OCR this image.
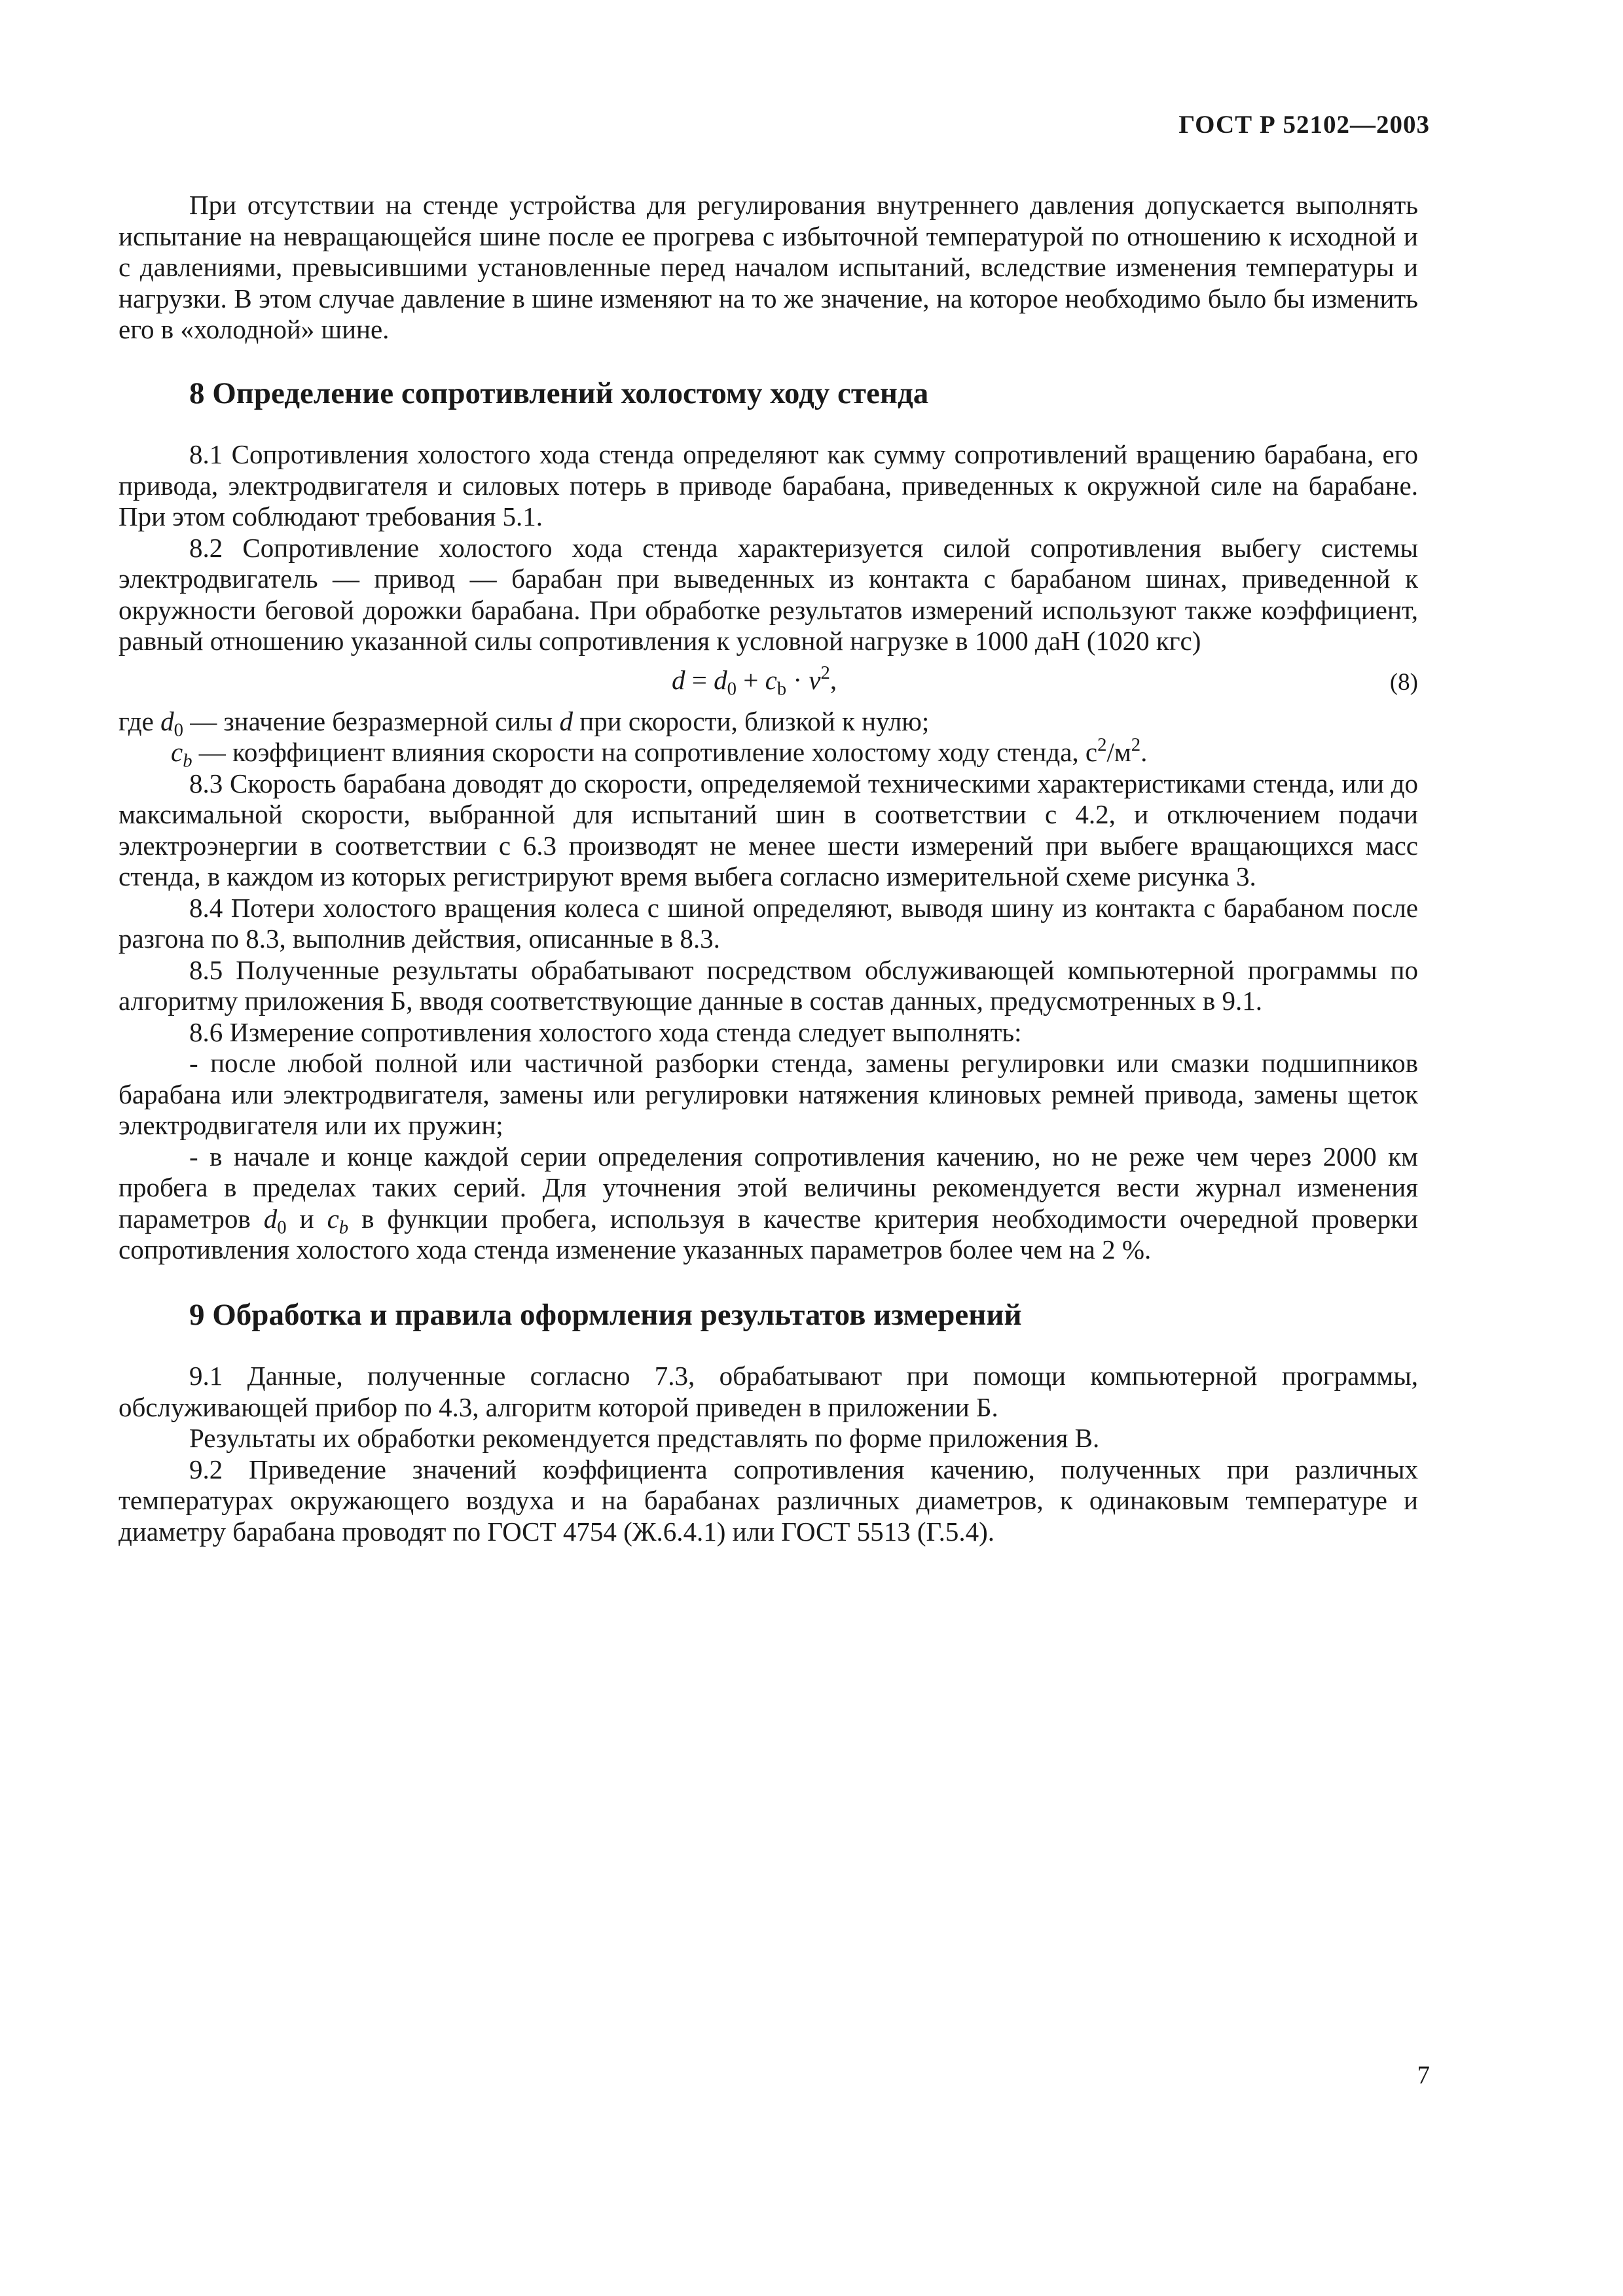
ГОСТ Р 52102—2003

При отсутствии на стенде устройства для регулирования внутреннего давления допускается выполнять испытание на невращающейся шине после ее прогрева с избыточной температурой по отношению к исходной и с давлениями, превысившими установленные перед началом испытаний, вследствие изменения температуры и нагрузки. В этом случае давление в шине изменяют на то же значение, на которое необходимо было бы изменить его в «холодной» шине.

8 Определение сопротивлений холостому ходу стенда

8.1 Сопротивления холостого хода стенда определяют как сумму сопротивлений вращению барабана, его привода, электродвигателя и силовых потерь в приводе барабана, приведенных к окружной силе на барабане. При этом соблюдают требования 5.1.

8.2 Сопротивление холостого хода стенда характеризуется силой сопротивления выбегу системы электродвигатель — привод — барабан при выведенных из контакта с барабаном шинах, приведенной к окружности беговой дорожки барабана. При обработке результатов измерений используют также коэффициент, равный отношению указанной силы сопротивления к условной нагрузке в 1000 даН (1020 кгс)

$d = d_0 + c_b \cdot v^2$,	(8)

где $d_0$ — значение безразмерной силы d при скорости, близкой к нулю;

$c_b$ — коэффициент влияния скорости на сопротивление холостому ходу стенда, $с^2/м^2$.

8.3 Скорость барабана доводят до скорости, определяемой техническими характеристиками стенда, или до максимальной скорости, выбранной для испытаний шин в соответствии с 4.2, и отключением подачи электроэнергии в соответствии с 6.3 производят не менее шести измерений при выбеге вращающихся масс стенда, в каждом из которых регистрируют время выбега согласно измерительной схеме рисунка 3.

8.4 Потери холостого вращения колеса с шиной определяют, выводя шину из контакта с барабаном после разгона по 8.3, выполнив действия, описанные в 8.3.

8.5 Полученные результаты обрабатывают посредством обслуживающей компьютерной программы по алгоритму приложения Б, вводя соответствующие данные в состав данных, предусмотренных в 9.1.

8.6 Измерение сопротивления холостого хода стенда следует выполнять:

- после любой полной или частичной разборки стенда, замены регулировки или смазки подшипников барабана или электродвигателя, замены или регулировки натяжения клиновых ремней привода, замены щеток электродвигателя или их пружин;

- в начале и конце каждой серии определения сопротивления качению, но не реже чем через 2000 км пробега в пределах таких серий. Для уточнения этой величины рекомендуется вести журнал изменения параметров $d_0$ и $c_b$ в функции пробега, используя в качестве критерия необходимости очередной проверки сопротивления холостого хода стенда изменение указанных параметров более чем на 2 %.

9 Обработка и правила оформления результатов измерений

9.1 Данные, полученные согласно 7.3, обрабатывают при помощи компьютерной программы, обслуживающей прибор по 4.3, алгоритм которой приведен в приложении Б.

Результаты их обработки рекомендуется представлять по форме приложения В.

9.2 Приведение значений коэффициента сопротивления качению, полученных при различных температурах окружающего воздуха и на барабанах различных диаметров, к одинаковым температуре и диаметру барабана проводят по ГОСТ 4754 (Ж.6.4.1) или ГОСТ 5513 (Г.5.4).

7
